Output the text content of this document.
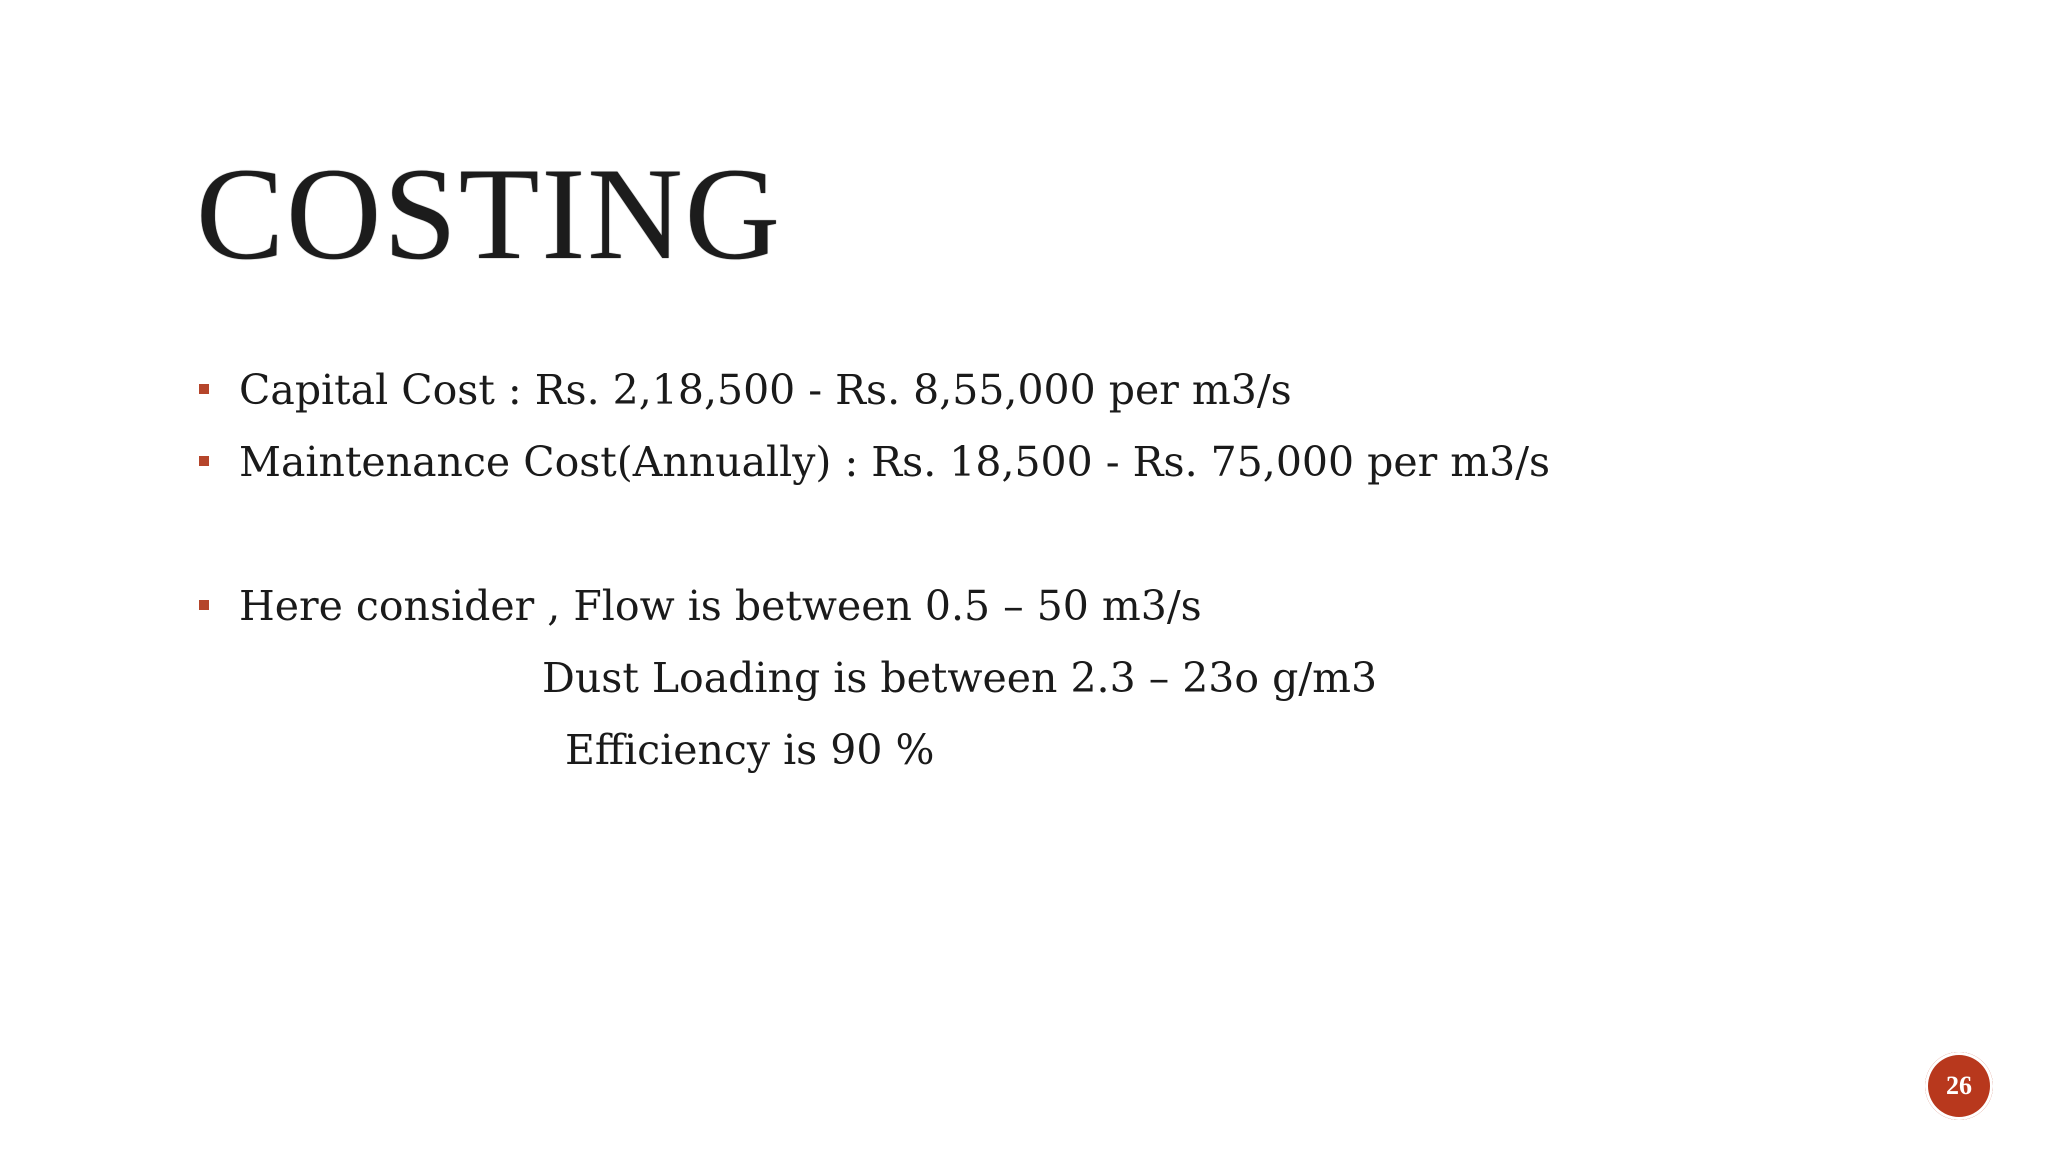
COSTING
Capital Cost : Rs. 2,18,500 - Rs. 8,55,000 per m3/s
Maintenance Cost(Annually) : Rs. 18,500 - Rs. 75,000 per m3/s
Here consider , Flow is between 0.5 – 50 m3/s
Dust Loading is between 2.3 – 23o g/m3
Efficiency is 90 %
26
